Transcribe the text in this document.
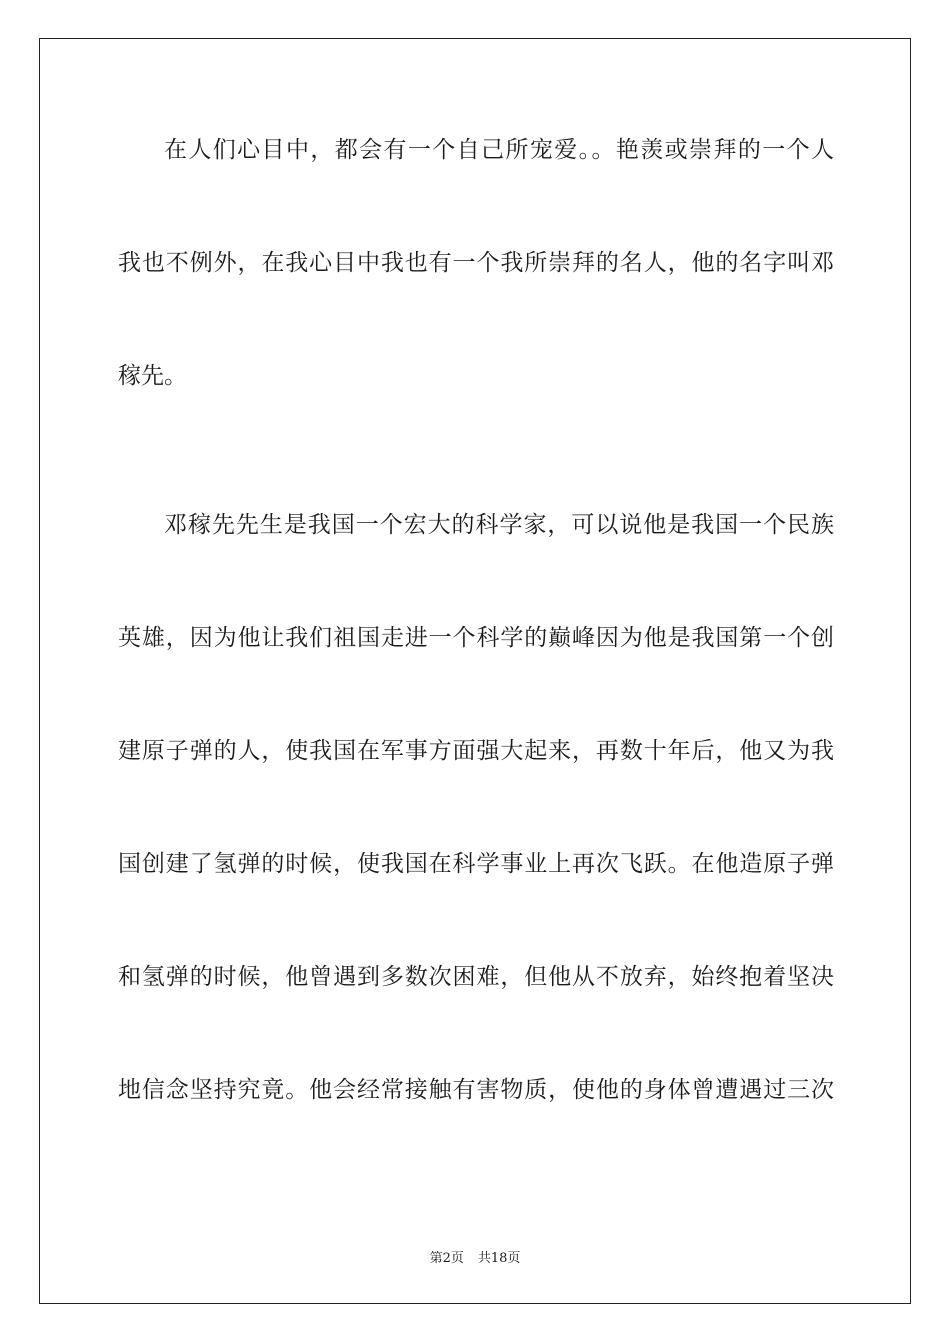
在人们心目中，都会有一个自己所宠爱。。艳羡或崇拜的一个人
我也不例外，在我心目中我也有一个我所崇拜的名人，他的名字叫邓
稼先。
邓稼先先生是我国一个宏大的科学家，可以说他是我国一个民族
英雄，因为他让我们祖国走进一个科学的巅峰因为他是我国第一个创
建原子弹的人，使我国在军事方面强大起来，再数十年后，他又为我
国创建了氢弹的时候，使我国在科学事业上再次飞跃。在他造原子弹
和氢弹的时候，他曾遇到多数次困难，但他从不放弃，始终抱着坚决
地信念坚持究竟。他会经常接触有害物质，使他的身体曾遭遇过三次
第2页 共18页
